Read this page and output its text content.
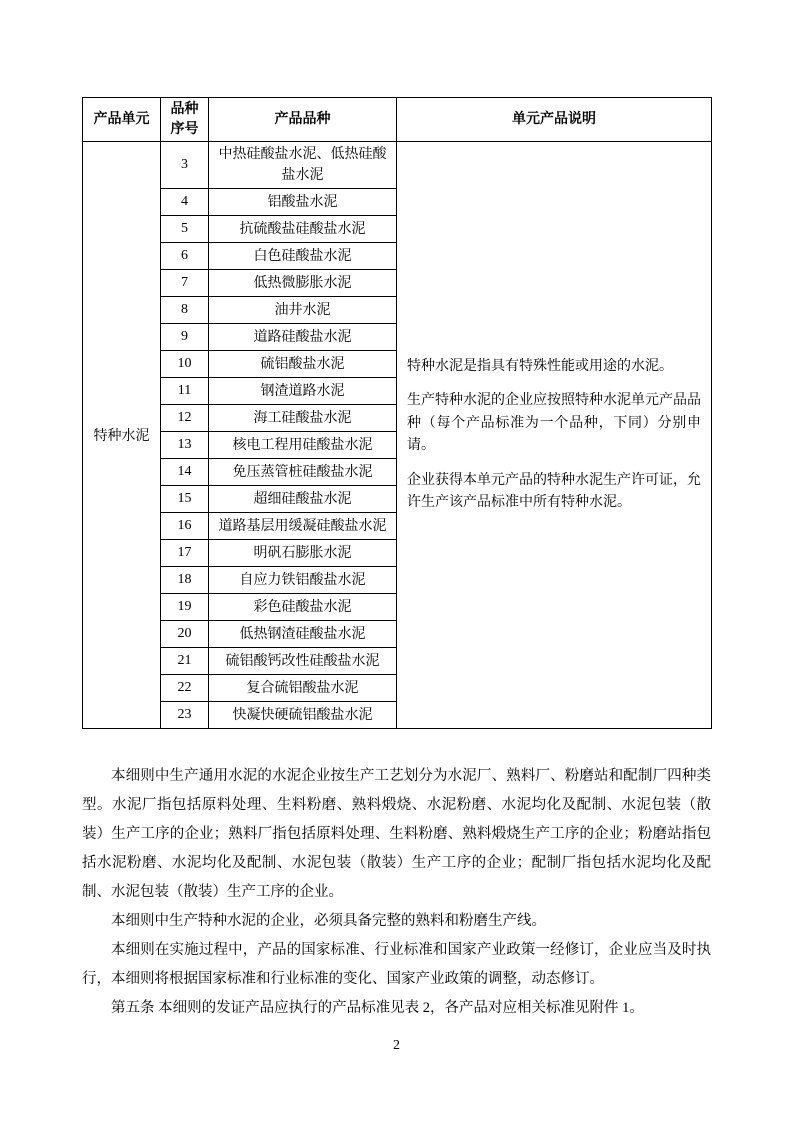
产品单元	品种序号	产品品种	单元产品说明
特种水泥	3	中热硅酸盐水泥、低热硅酸盐水泥	特种水泥是指具有特殊性能或用途的水泥。

生产特种水泥的企业应按照特种水泥单元产品品种（每个产品标准为一个品种，下同）分别申请。

企业获得本单元产品的特种水泥生产许可证，允许生产该产品标准中所有特种水泥。

	4	铝酸盐水泥	
	5	抗硫酸盐硅酸盐水泥	
	6	白色硅酸盐水泥	
	7	低热微膨胀水泥	
	8	油井水泥	
	9	道路硅酸盐水泥	
	10	硫铝酸盐水泥	
	11	钢渣道路水泥	
	12	海工硅酸盐水泥	
	13	核电工程用硅酸盐水泥	
	14	免压蒸管桩硅酸盐水泥	
	15	超细硅酸盐水泥	
	16	道路基层用缓凝硅酸盐水泥	
	17	明矾石膨胀水泥	
	18	自应力铁铝酸盐水泥	
	19	彩色硅酸盐水泥	
	20	低热钢渣硅酸盐水泥	
	21	硫铝酸钙改性硅酸盐水泥	
	22	复合硫铝酸盐水泥	
	23	快凝快硬硫铝酸盐水泥	

本细则中生产通用水泥的水泥企业按生产工艺划分为水泥厂、熟料厂、粉磨站和配制厂四种类型。水泥厂指包括原料处理、生料粉磨、熟料煅烧、水泥粉磨、水泥均化及配制、水泥包装（散装）生产工序的企业；熟料厂指包括原料处理、生料粉磨、熟料煅烧生产工序的企业；粉磨站指包括水泥粉磨、水泥均化及配制、水泥包装（散装）生产工序的企业；配制厂指包括水泥均化及配制、水泥包装（散装）生产工序的企业。

本细则中生产特种水泥的企业，必须具备完整的熟料和粉磨生产线。

本细则在实施过程中，产品的国家标准、行业标准和国家产业政策一经修订，企业应当及时执行，本细则将根据国家标准和行业标准的变化、国家产业政策的调整，动态修订。

第五条 本细则的发证产品应执行的产品标准见表 2，各产品对应相关标准见附件 1。

2
